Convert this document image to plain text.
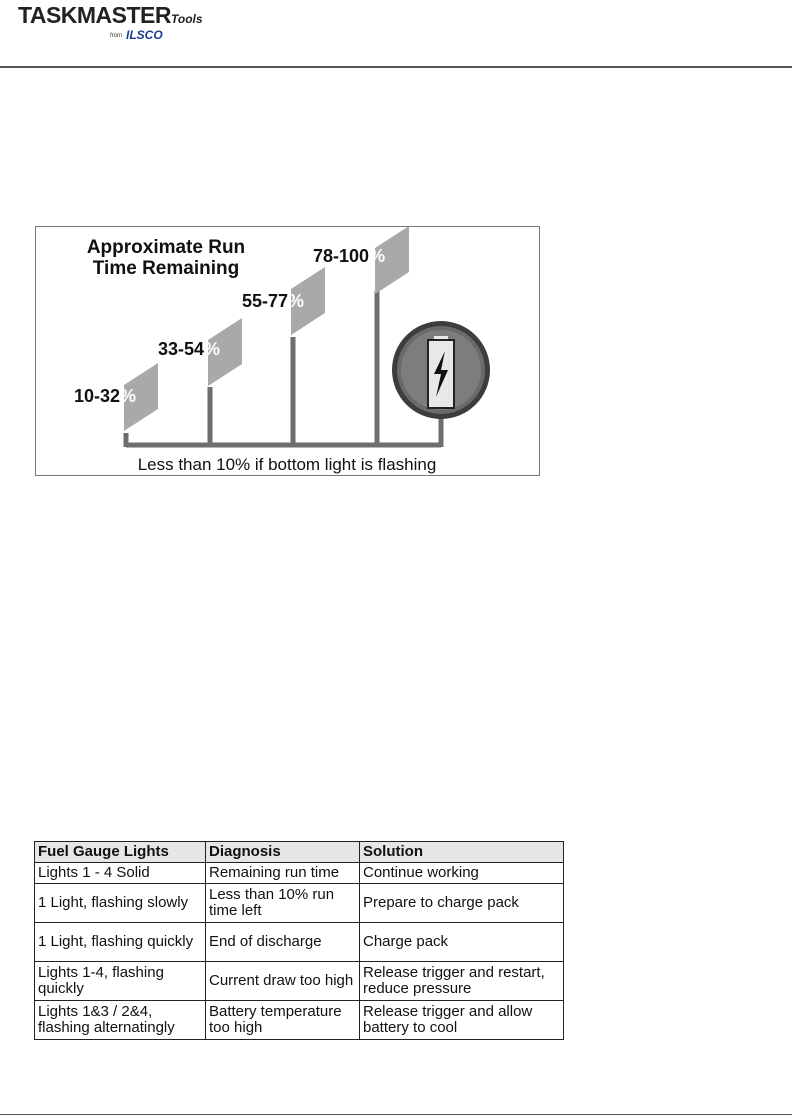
TASKMASTERTools
from ILSCO
Approximate Run
Time Remaining
10-32%
33-54%
55-77%
78-100%
Less than 10% if bottom light is flashing
Fuel Gauge Lights	Diagnosis	Solution
Lights 1 - 4 Solid	Remaining run time	Continue working
1 Light, flashing slowly	Less than 10% run time left	Prepare to charge pack
1 Light, flashing quickly	End of discharge	Charge pack
Lights 1-4, flashing quickly	Current draw too high	Release trigger and restart, reduce pressure
Lights 1&3 / 2&4, flashing alternatingly	Battery temperature too high	Release trigger and allow battery to cool
